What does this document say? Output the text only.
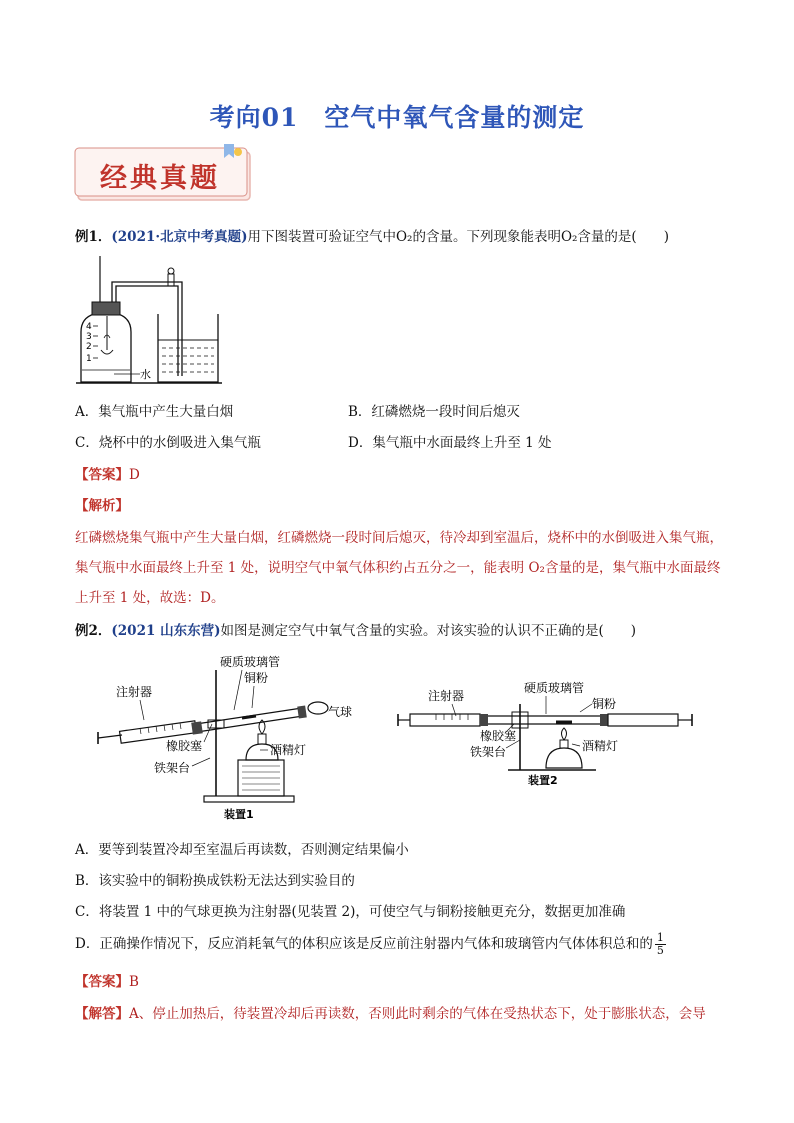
考向01　空气中氧气含量的测定
经典真题
例1．(2021·北京中考真题)用下图装置可验证空气中O₂的含量。下列现象能表明O₂含量的是(　　)
4
3
2
1
水
A．集气瓶中产生大量白烟	B．红磷燃烧一段时间后熄灭
C．烧杯中的水倒吸进入集气瓶	D．集气瓶中水面最终上升至 1 处
【答案】D
【解析】
红磷燃烧集气瓶中产生大量白烟，红磷燃烧一段时间后熄灭，待冷却到室温后，烧杯中的水倒吸进入集气瓶，集气瓶中水面最终上升至 1 处，说明空气中氧气体积约占五分之一，能表明 O₂含量的是，集气瓶中水面最终上升至 1 处，故选：D。
例2．(2021 山东东营)如图是测定空气中氧气含量的实验。对该实验的认识不正确的是(　　)
硬质玻璃管
铜粉
注射器
气球
橡胶塞	酒精灯
铁架台
装置1
注射器
硬质玻璃管
铜粉
橡胶塞
铁架台	酒精灯
装置2
A．要等到装置冷却至室温后再读数，否则测定结果偏小
B．该实验中的铜粉换成铁粉无法达到实验目的
C．将装置 1 中的气球更换为注射器(见装置 2)，可使空气与铜粉接触更充分，数据更加准确
D．正确操作情况下，反应消耗氧气的体积应该是反应前注射器内气体和玻璃管内气体体积总和的 $\frac{1}{5}$
【答案】B
【解答】A、停止加热后，待装置冷却后再读数，否则此时剩余的气体在受热状态下，处于膨胀状态，会导
